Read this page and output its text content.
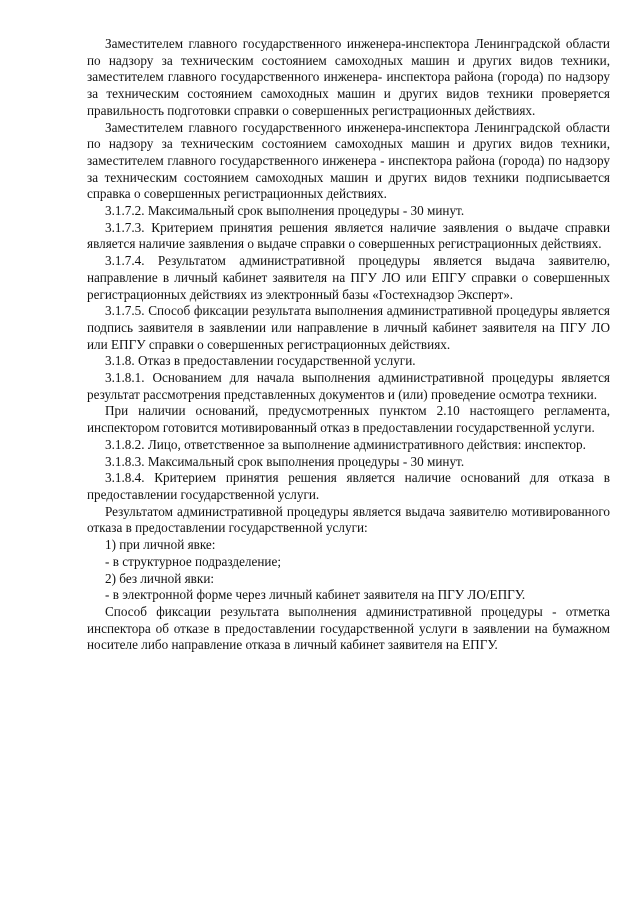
Заместителем главного государственного инженера-инспектора Ленинградской области по надзору за техническим состоянием самоходных машин и других видов техники, заместителем главного государственного инженера- инспектора района (города) по надзору за техническим состоянием самоходных машин и других видов техники проверяется правильность подготовки справки о совершенных регистрационных действиях.

Заместителем главного государственного инженера-инспектора Ленинградской области по надзору за техническим состоянием самоходных машин и других видов техники, заместителем главного государственного инженера - инспектора района (города) по надзору за техническим состоянием самоходных машин и других видов техники подписывается справка о совершенных регистрационных действиях.

3.1.7.2. Максимальный срок выполнения процедуры - 30 минут.

3.1.7.3. Критерием принятия решения является наличие заявления о выдаче справки является наличие заявления о выдаче справки о совершенных регистрационных действиях.

3.1.7.4. Результатом административной процедуры является выдача заявителю, направление в личный кабинет заявителя на ПГУ ЛО или ЕПГУ справки о совершенных регистрационных действиях из электронный базы «Гостехнадзор Эксперт».

3.1.7.5. Способ фиксации результата выполнения административной процедуры является подпись заявителя в заявлении или направление в личный кабинет заявителя на ПГУ ЛО или ЕПГУ справки о совершенных регистрационных действиях.

3.1.8. Отказ в предоставлении государственной услуги.

3.1.8.1. Основанием для начала выполнения административной процедуры является результат рассмотрения представленных документов и (или) проведение осмотра техники.

При наличии оснований, предусмотренных пунктом 2.10 настоящего регламента, инспектором готовится мотивированный отказ в предоставлении государственной услуги.

3.1.8.2. Лицо, ответственное за выполнение административного действия: инспектор.

3.1.8.3. Максимальный срок выполнения процедуры - 30 минут.

3.1.8.4. Критерием принятия решения является наличие оснований для отказа в предоставлении государственной услуги.

Результатом административной процедуры является выдача заявителю мотивированного отказа в предоставлении государственной услуги:

1) при личной явке:

- в структурное подразделение;

2) без личной явки:

- в электронной форме через личный кабинет заявителя на ПГУ ЛО/ЕПГУ.

Способ фиксации результата выполнения административной процедуры - отметка инспектора об отказе в предоставлении государственной услуги в заявлении на бумажном носителе либо направление отказа в личный кабинет заявителя на ЕПГУ.
